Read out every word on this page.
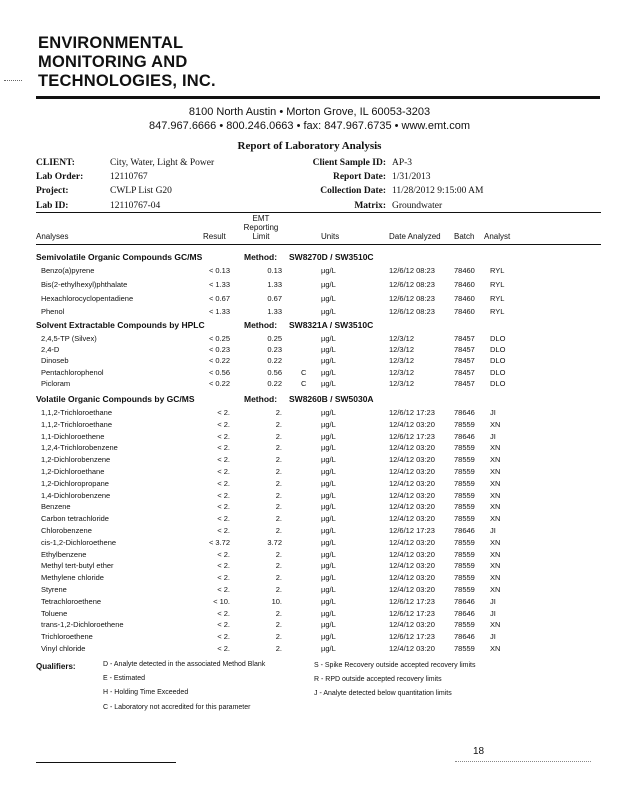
ENVIRONMENTAL
MONITORING AND
TECHNOLOGIES, INC.
8100 North Austin • Morton Grove, IL 60053-3203
847.967.6666 • 800.246.0663 • fax: 847.967.6735 • www.emt.com
Report of Laboratory Analysis
CLIENT:	City, Water, Light & Power
Lab Order:	12110767
Project:	CWLP List G20
Lab ID:	12110767-04
Client Sample ID: AP-3
Report Date: 1/31/2013
Collection Date: 11/28/2012 9:15:00 AM
Matrix: Groundwater
Analyses	Result
EMT
Reporting
Limit	Units	Date Analyzed Batch Analyst
Semivolatile Organic Compounds GC/MS	Method: SW8270D / SW3510C
Benzo(a)pyrene	< 0.13	0.13	µg/L	12/6/12 08:23	78460 RYL
Bis(2-ethylhexyl)phthalate	< 1.33	1.33	µg/L	12/6/12 08:23	78460 RYL
Hexachlorocyclopentadiene	< 0.67	0.67	µg/L	12/6/12 08:23	78460 RYL
Phenol	< 1.33	1.33	µg/L	12/6/12 08:23	78460 RYL
Solvent Extractable Compounds by HPLC	Method: SW8321A / SW3510C
2,4,5-TP (Silvex)	< 0.25	0.25	µg/L	12/3/12	78457 DLO
2,4-D	< 0.23	0.23	µg/L	12/3/12	78457 DLO
Dinoseb	< 0.22	0.22	µg/L	12/3/12	78457 DLO
Pentachlorophenol	< 0.56	0.56	C µg/L	12/3/12	78457 DLO
Picloram	< 0.22	0.22	C µg/L	12/3/12	78457 DLO
Volatile Organic Compounds by GC/MS	Method: SW8260B / SW5030A
1,1,2-Trichloroethane	< 2.	2.	µg/L	12/6/12 17:23	78646 JI
1,1,2-Trichloroethane	< 2.	2.	µg/L	12/4/12 03:20	78559 XN
1,1-Dichloroethene	< 2.	2.	µg/L	12/6/12 17:23	78646 JI
1,2,4-Trichlorobenzene	< 2.	2.	µg/L	12/4/12 03:20	78559 XN
1,2-Dichlorobenzene	< 2.	2.	µg/L	12/4/12 03:20	78559 XN
1,2-Dichloroethane	< 2.	2.	µg/L	12/4/12 03:20	78559 XN
1,2-Dichloropropane	< 2.	2.	µg/L	12/4/12 03:20	78559 XN
1,4-Dichlorobenzene	< 2.	2.	µg/L	12/4/12 03:20	78559 XN
Benzene	< 2.	2.	µg/L	12/4/12 03:20	78559 XN
Carbon tetrachloride	< 2.	2.	µg/L	12/4/12 03:20	78559 XN
Chlorobenzene	< 2.	2.	µg/L	12/6/12 17:23	78646 JI
cis-1,2-Dichloroethene	< 3.72	3.72	µg/L	12/4/12 03:20	78559 XN
Ethylbenzene	< 2.	2.	µg/L	12/4/12 03:20	78559 XN
Methyl tert-butyl ether	< 2.	2.	µg/L	12/4/12 03:20	78559 XN
Methylene chloride	< 2.	2.	µg/L	12/4/12 03:20	78559 XN
Styrene	< 2.	2.	µg/L	12/4/12 03:20	78559 XN
Tetrachloroethene	< 10.	10.	µg/L	12/6/12 17:23	78646 JI
Toluene	< 2.	2.	µg/L	12/6/12 17:23	78646 JI
trans-1,2-Dichloroethene	< 2.	2.	µg/L	12/4/12 03:20	78559 XN
Trichloroethene	< 2.	2.	µg/L	12/6/12 17:23	78646 JI
Vinyl chloride	< 2.	2.	µg/L	12/4/12 03:20	78559 XN
Qualifiers:	D - Analyte detected in the associated Method Blank
E - Estimated
H - Holding Time Exceeded
C - Laboratory not accredited for this parameter
S - Spike Recovery outside accepted recovery limits
R - RPD outside accepted recovery limits
J - Analyte detected below quantitation limits
18
